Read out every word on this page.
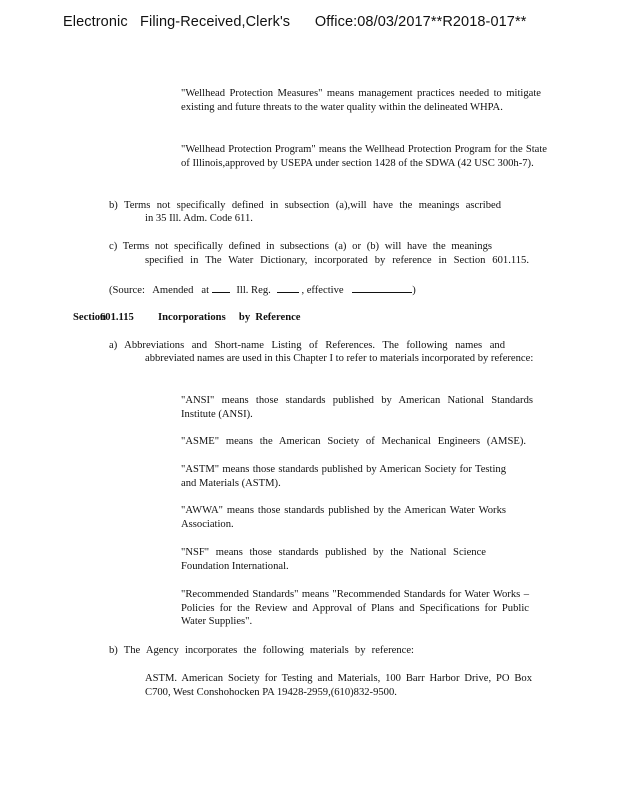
Electronic   Filing-Received,Clerk's      Office:08/03/2017**R2018-017**
"Wellhead Protection Measures" means management practices needed to mitigate existing and future threats to the water quality within the delineated WHPA.
"Wellhead Protection Program" means the Wellhead Protection Program for the State of Illinois,approved by USEPA under section 1428 of the SDWA (42 USC 300h-7).
b) Terms not specifically defined in subsection (a),will have the meanings ascribed
in 35 Ill. Adm. Code 611.
c) Terms not specifically defined in subsections (a) or (b) will have the meanings
specified in The Water Dictionary, incorporated by reference in Section 601.115.
(Source:   Amended   at	Ill. Reg.	, effective	)
Section
601.115 Incorporations     by  Reference
a) Abbreviations and Short-name Listing of References. The following names and
abbreviated names are used in this Chapter I to refer to materials incorporated by reference:
"ANSI" means those standards published by American National Standards Institute (ANSI).
"ASME" means the American Society of Mechanical Engineers (AMSE).
"ASTM" means those standards published by American Society for Testing and Materials (ASTM).
"AWWA" means those standards published by the American Water Works Association.
"NSF" means those standards published by the National Science Foundation International.
"Recommended Standards" means "Recommended Standards for Water Works – Policies for the Review and Approval of Plans and Specifications for Public Water Supplies".
b) The Agency incorporates the following materials by reference:
ASTM. American Society for Testing and Materials, 100 Barr Harbor Drive, PO Box C700, West Conshohocken PA 19428-2959,(610)832-9500.
